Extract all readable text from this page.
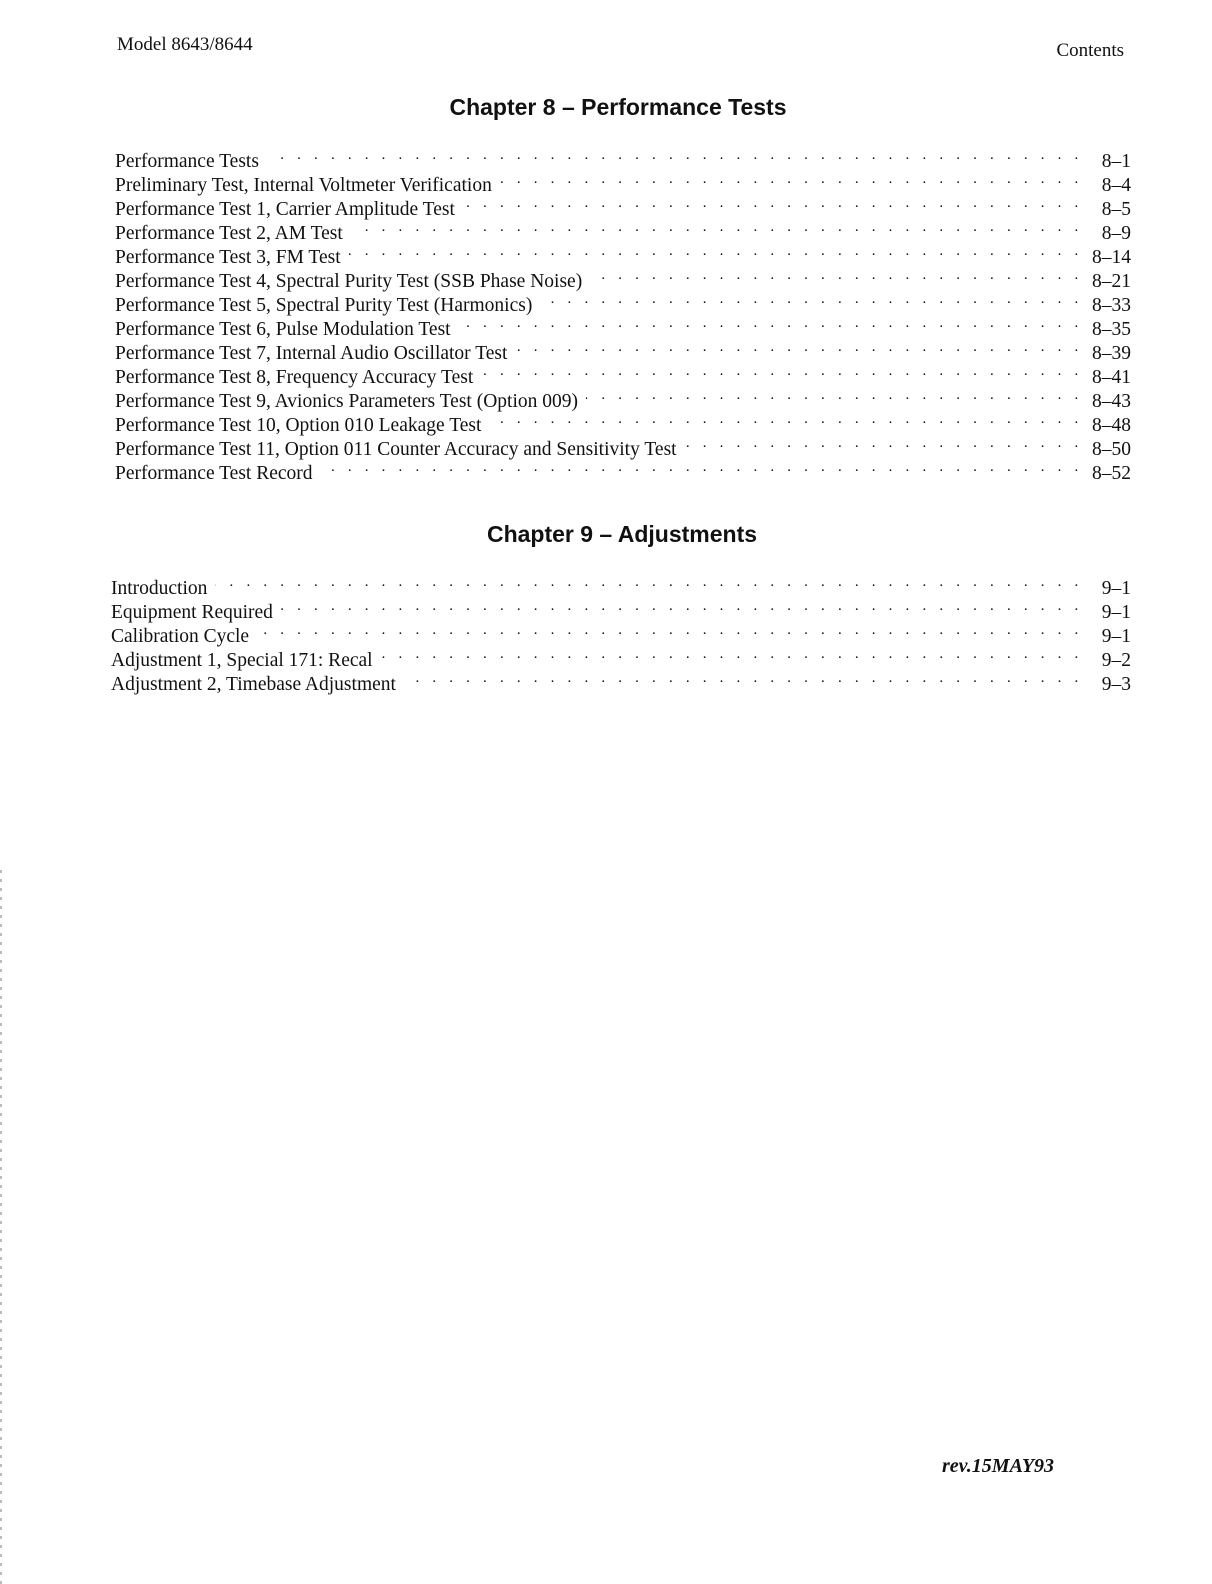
Model 8643/8644	Contents
Chapter 8 – Performance Tests
Performance Tests . . .	8–1
Preliminary Test, Internal Voltmeter Verification . . .	8–4
Performance Test 1, Carrier Amplitude Test . . .	8–5
Performance Test 2, AM Test . . .	8–9
Performance Test 3, FM Test . . .	8–14
Performance Test 4, Spectral Purity Test (SSB Phase Noise) . . .	8–21
Performance Test 5, Spectral Purity Test (Harmonics) . . .	8–33
Performance Test 6, Pulse Modulation Test . . .	8–35
Performance Test 7, Internal Audio Oscillator Test . . .	8–39
Performance Test 8, Frequency Accuracy Test . . .	8–41
Performance Test 9, Avionics Parameters Test (Option 009) . . .	8–43
Performance Test 10, Option 010 Leakage Test . . .	8–48
Performance Test 11, Option 011 Counter Accuracy and Sensitivity Test . . .	8–50
Performance Test Record . . .	8–52
Chapter 9 – Adjustments
Introduction . . .	9–1
Equipment Required . . .	9–1
Calibration Cycle . . .	9–1
Adjustment 1, Special 171: Recal . . .	9–2
Adjustment 2, Timebase Adjustment . . .	9–3
rev.15MAY93
